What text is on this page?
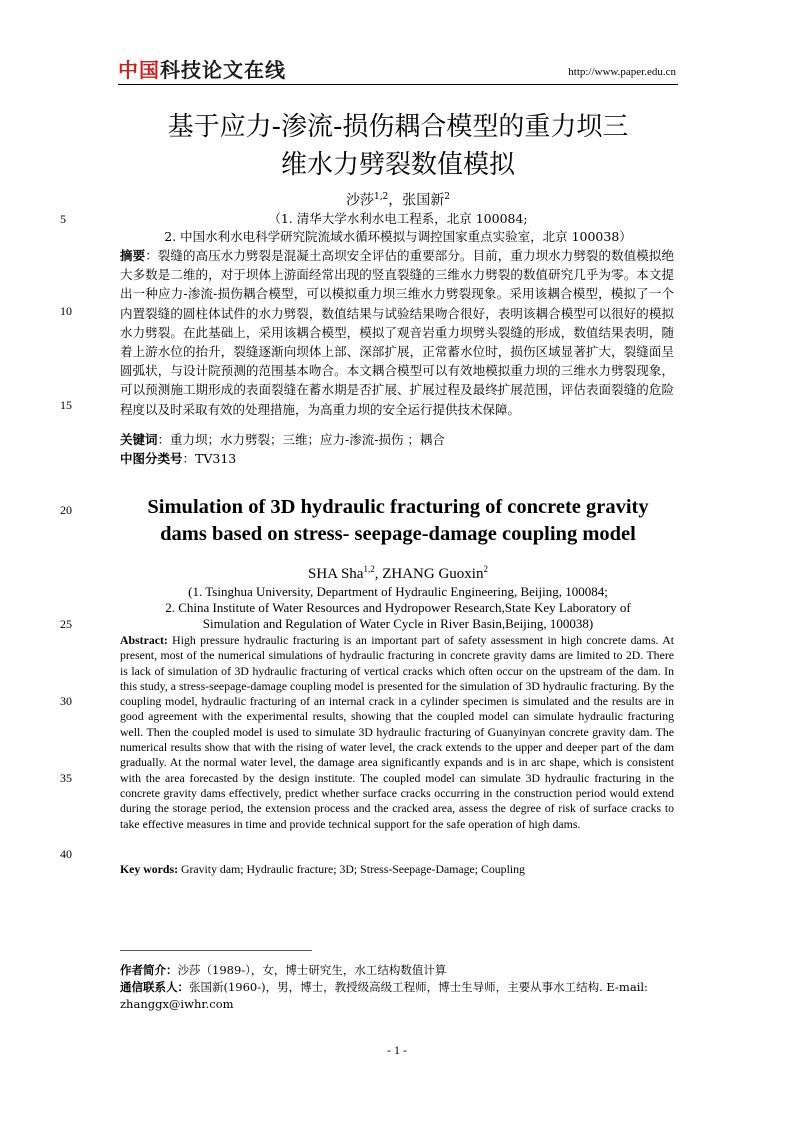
中国科技论文在线	http://www.paper.edu.cn
基于应力-渗流-损伤耦合模型的重力坝三
维水力劈裂数值模拟
沙莎$^{1,2}$，张国新$^2$
5	（1. 清华大学水利水电工程系，北京 100084;
2. 中国水利水电科学研究院流域水循环模拟与调控国家重点实验室，北京 100038）
摘要：裂缝的高压水力劈裂是混凝土高坝安全评估的重要部分。目前，重力坝水力劈裂的数值模拟绝大多数是二维的，对于坝体上游面经常出现的竖直裂缝的三维水力劈裂的数值研究几乎为零。本文提出一种应力-渗流-损伤耦合模型，可以模拟重力坝三维水力劈裂现象。采用该耦合模型，模拟了一个内置裂缝的圆柱体试件的水力劈裂，数值结果与试验结果吻合很好，表明该耦合模型可以很好的模拟水力劈裂。在此基础上，采用该耦合模型，模拟了观音岩重力坝劈头裂缝的形成，数值结果表明，随着上游水位的抬升，裂缝逐渐向坝体上部、深部扩展，正常蓄水位时，损伤区域显著扩大，裂缝面呈圆弧状，与设计院预测的范围基本吻合。本文耦合模型可以有效地模拟重力坝的三维水力劈裂现象，可以预测施工期形成的表面裂缝在蓄水期是否扩展、扩展过程及最终扩展范围，评估表面裂缝的危险程度以及时采取有效的处理措施，为高重力坝的安全运行提供技术保障。
10
15
关键词：重力坝；水力劈裂；三维；应力-渗流-损伤 ；耦合
中图分类号：TV313
20	Simulation of 3D hydraulic fracturing of concrete gravity
dams based on stress- seepage-damage coupling model
SHA Sha$^{1,2}$, ZHANG Guoxin$^2$
(1. Tsinghua University, Department of Hydraulic Engineering, Beijing, 100084;
2. China Institute of Water Resources and Hydropower Research,State Key Laboratory of
Simulation and Regulation of Water Cycle in River Basin,Beijing, 100038)
25
Abstract: High pressure hydraulic fracturing is an important part of safety assessment in high concrete dams. At present, most of the numerical simulations of hydraulic fracturing in concrete gravity dams are limited to 2D. There is lack of simulation of 3D hydraulic fracturing of vertical cracks which often occur on the upstream of the dam. In this study, a stress-seepage-damage coupling model is presented for the simulation of 3D hydraulic fracturing. By the coupling model, hydraulic fracturing of an internal crack in a cylinder specimen is simulated and the results are in good agreement with the experimental results, showing that the coupled model can simulate hydraulic fracturing well. Then the coupled model is used to simulate 3D hydraulic fracturing of Guanyinyan concrete gravity dam. The numerical results show that with the rising of water level, the crack extends to the upper and deeper part of the dam gradually. At the normal water level, the damage area significantly expands and is in arc shape, which is consistent with the area forecasted by the design institute. The coupled model can simulate 3D hydraulic fracturing in the concrete gravity dams effectively, predict whether surface cracks occurring in the construction period would extend during the storage period, the extension process and the cracked area, assess the degree of risk of surface cracks to take effective measures in time and provide technical support for the safe operation of high dams.
30
35
40
Key words: Gravity dam; Hydraulic fracture; 3D; Stress-Seepage-Damage; Coupling
作者简介：沙莎（1989-），女，博士研究生，水工结构数值计算
通信联系人：张国新(1960-)，男，博士，教授级高级工程师，博士生导师，主要从事水工结构. E-mail: zhanggx@iwhr.com
- 1 -
